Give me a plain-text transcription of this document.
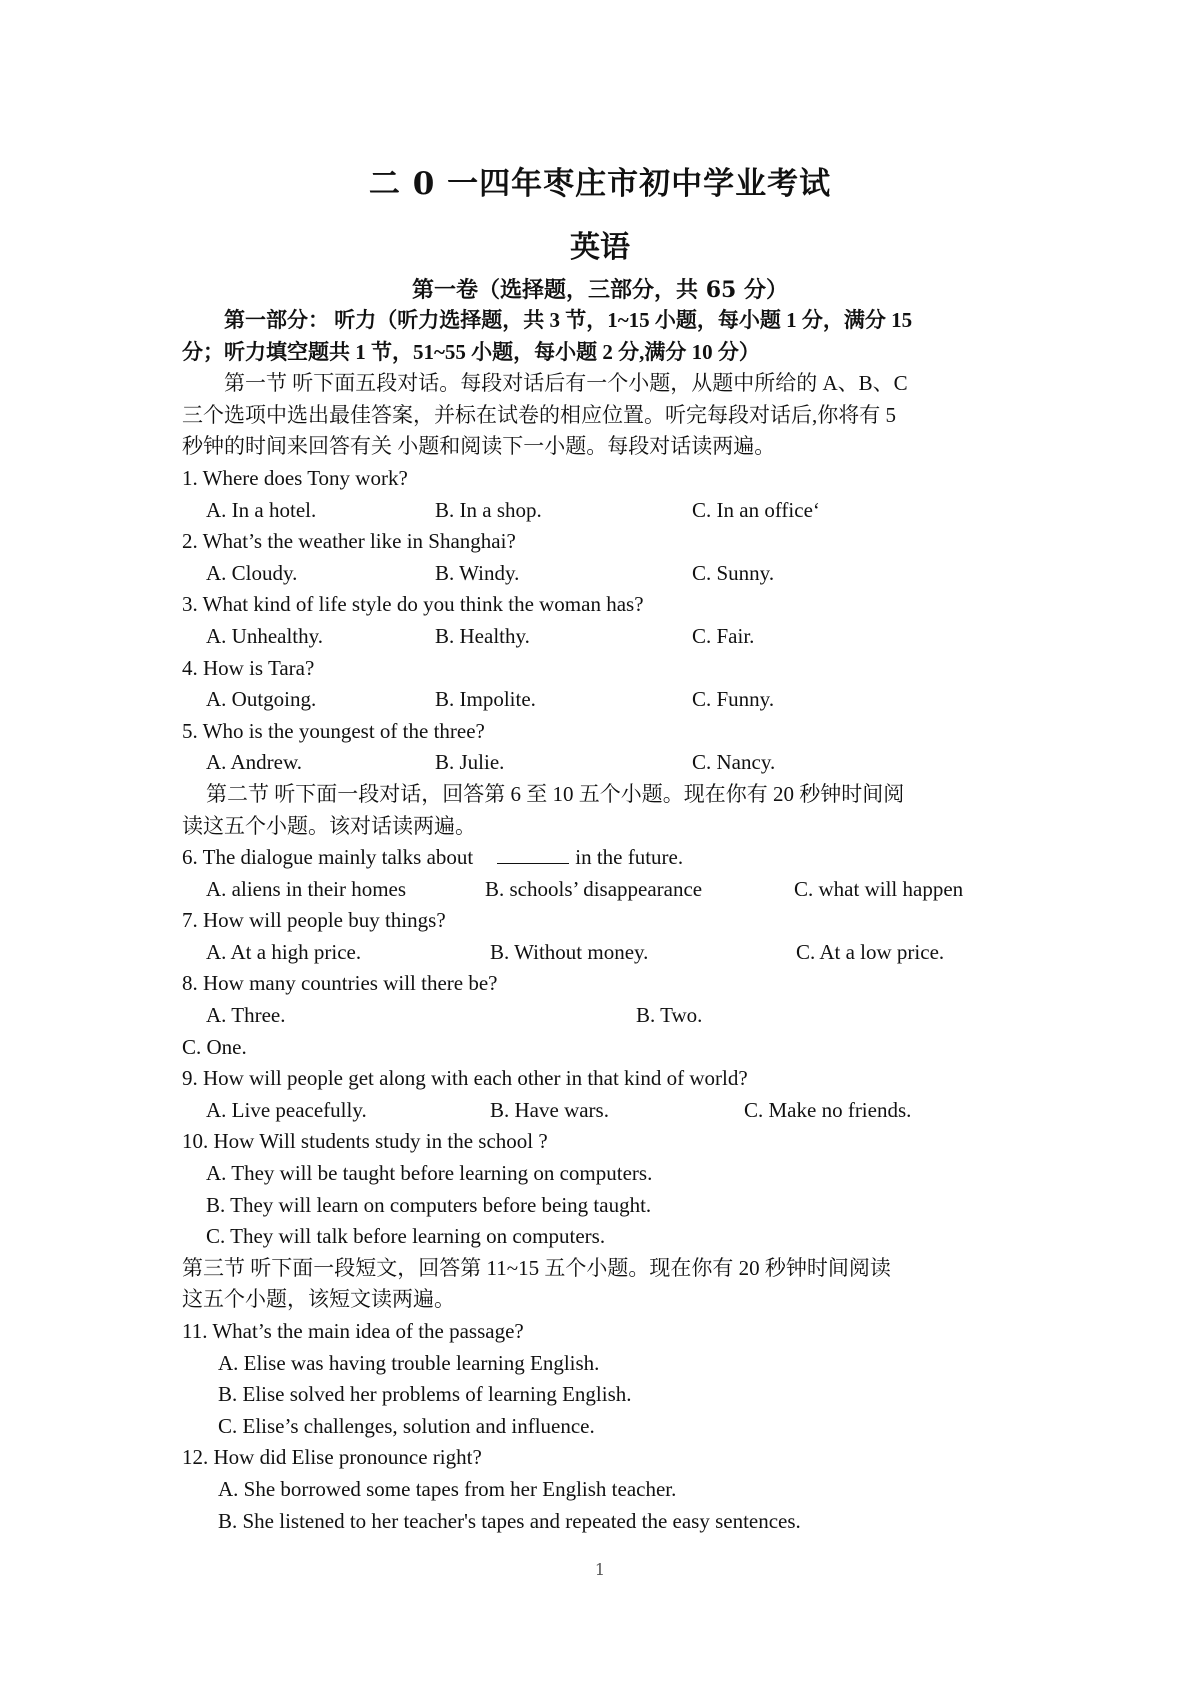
二 0 一四年枣庄市初中学业考试
英语
第一卷（选择题，三部分，共 65 分）
第一部分： 听力（听力选择题，共 3 节，1~15 小题，每小题 1 分，满分 15
分；听力填空题共 1 节，51~55 小题，每小题 2 分,满分 10 分）
第一节 听下面五段对话。每段对话后有一个小题，从题中所给的 A、B、C
三个选项中选出最佳答案，并标在试卷的相应位置。听完每段对话后,你将有 5
秒钟的时间来回答有关 小题和阅读下一小题。每段对话读两遍。
1. Where does Tony work?
A. In a hotel.	B. In a shop.	C. In an office‘
2. What’s the weather like in Shanghai?
A. Cloudy.	B. Windy.	C. Sunny.
3. What kind of life style do you think the woman has?
A. Unhealthy.	B. Healthy.	C. Fair.
4. How is Tara?
A. Outgoing.	B. Impolite.	C. Funny.
5. Who is the youngest of the three?
A. Andrew.	B. Julie.	C. Nancy.
第二节 听下面一段对话，回答第 6 至 10 五个小题。现在你有 20 秒钟时间阅
读这五个小题。该对话读两遍。
6. The dialogue mainly talks about	in the future.
A. aliens in their homes	B. schools’ disappearance	C. what will happen
7. How will people buy things?
A. At a high price.	B. Without money.	C. At a low price.
8. How many countries will there be?
A. Three.	B. Two.
C. One.
9. How will people get along with each other in that kind of world?
A. Live peacefully.	B. Have wars.	C. Make no friends.
10. How Will students study in the school ?
A. They will be taught before learning on computers.
B. They will learn on computers before being taught.
C. They will talk before learning on computers.
第三节 听下面一段短文，回答第 11~15 五个小题。现在你有 20 秒钟时间阅读
这五个小题，该短文读两遍。
11. What’s the main idea of the passage?
A. Elise was having trouble learning English.
B. Elise solved her problems of learning English.
C. Elise’s challenges, solution and influence.
12. How did Elise pronounce right?
A. She borrowed some tapes from her English teacher.
B. She listened to her teacher's tapes and repeated the easy sentences.
1
